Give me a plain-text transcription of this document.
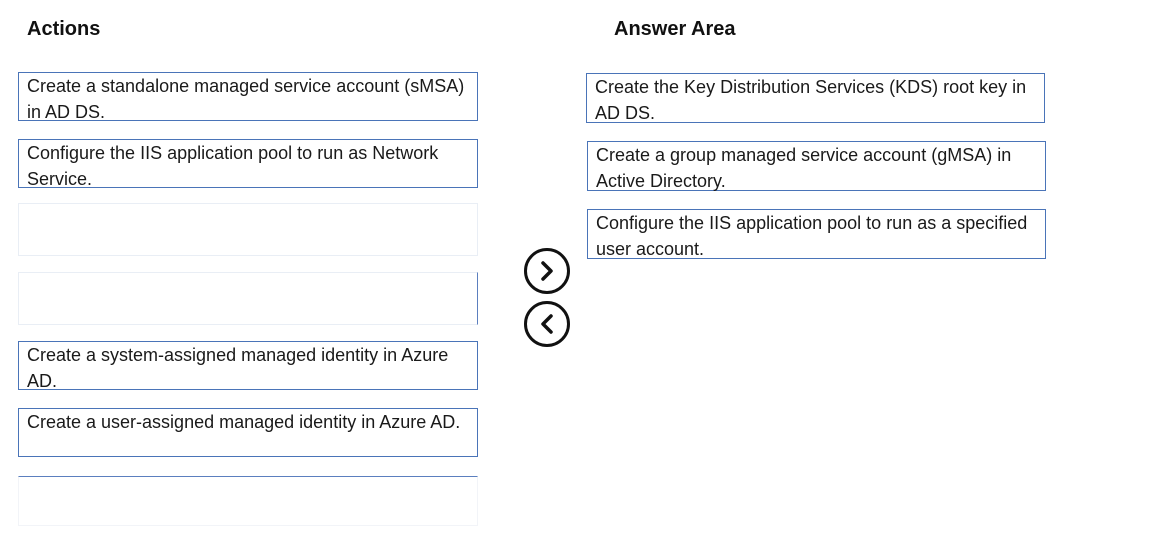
Actions	Answer Area
Create a standalone managed service account (sMSA) in AD DS.
Configure the IIS application pool to run as Network Service.
Create a system-assigned managed identity in Azure AD.
Create a user-assigned managed identity in Azure AD.
Create the Key Distribution Services (KDS) root key in AD DS.
Create a group managed service account (gMSA) in Active Directory.
Configure the IIS application pool to run as a specified user account.
